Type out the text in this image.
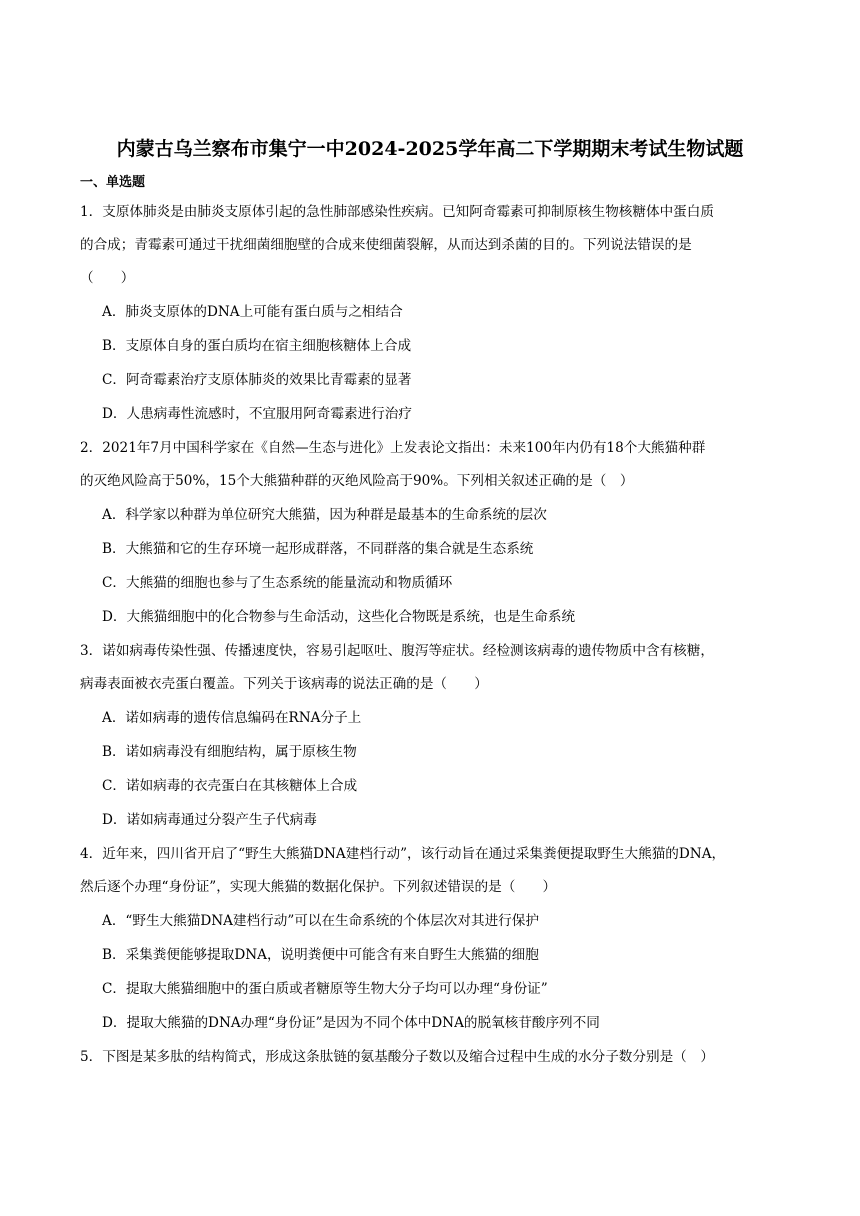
内蒙古乌兰察布市集宁一中2024-2025学年高二下学期期末考试生物试题
一、单选题
1．支原体肺炎是由肺炎支原体引起的急性肺部感染性疾病。已知阿奇霉素可抑制原核生物核糖体中蛋白质
的合成；青霉素可通过干扰细菌细胞壁的合成来使细菌裂解，从而达到杀菌的目的。下列说法错误的是
（　　）
A．肺炎支原体的DNA上可能有蛋白质与之相结合
B．支原体自身的蛋白质均在宿主细胞核糖体上合成
C．阿奇霉素治疗支原体肺炎的效果比青霉素的显著
D．人患病毒性流感时，不宜服用阿奇霉素进行治疗
2．2021年7月中国科学家在《自然—生态与进化》上发表论文指出：未来100年内仍有18个大熊猫种群
的灭绝风险高于50%，15个大熊猫种群的灭绝风险高于90%。下列相关叙述正确的是（　）
A．科学家以种群为单位研究大熊猫，因为种群是最基本的生命系统的层次
B．大熊猫和它的生存环境一起形成群落，不同群落的集合就是生态系统
C．大熊猫的细胞也参与了生态系统的能量流动和物质循环
D．大熊猫细胞中的化合物参与生命活动，这些化合物既是系统，也是生命系统
3．诺如病毒传染性强、传播速度快，容易引起呕吐、腹泻等症状。经检测该病毒的遗传物质中含有核糖，
病毒表面被衣壳蛋白覆盖。下列关于该病毒的说法正确的是（　　）
A．诺如病毒的遗传信息编码在RNA分子上
B．诺如病毒没有细胞结构，属于原核生物
C．诺如病毒的衣壳蛋白在其核糖体上合成
D．诺如病毒通过分裂产生子代病毒
4．近年来，四川省开启了“野生大熊猫DNA建档行动”，该行动旨在通过采集粪便提取野生大熊猫的DNA，
然后逐个办理“身份证”，实现大熊猫的数据化保护。下列叙述错误的是（　　）
A．“野生大熊猫DNA建档行动”可以在生命系统的个体层次对其进行保护
B．采集粪便能够提取DNA，说明粪便中可能含有来自野生大熊猫的细胞
C．提取大熊猫细胞中的蛋白质或者糖原等生物大分子均可以办理“身份证”
D．提取大熊猫的DNA办理“身份证”是因为不同个体中DNA的脱氧核苷酸序列不同
5．下图是某多肽的结构简式，形成这条肽链的氨基酸分子数以及缩合过程中生成的水分子数分别是（　）
